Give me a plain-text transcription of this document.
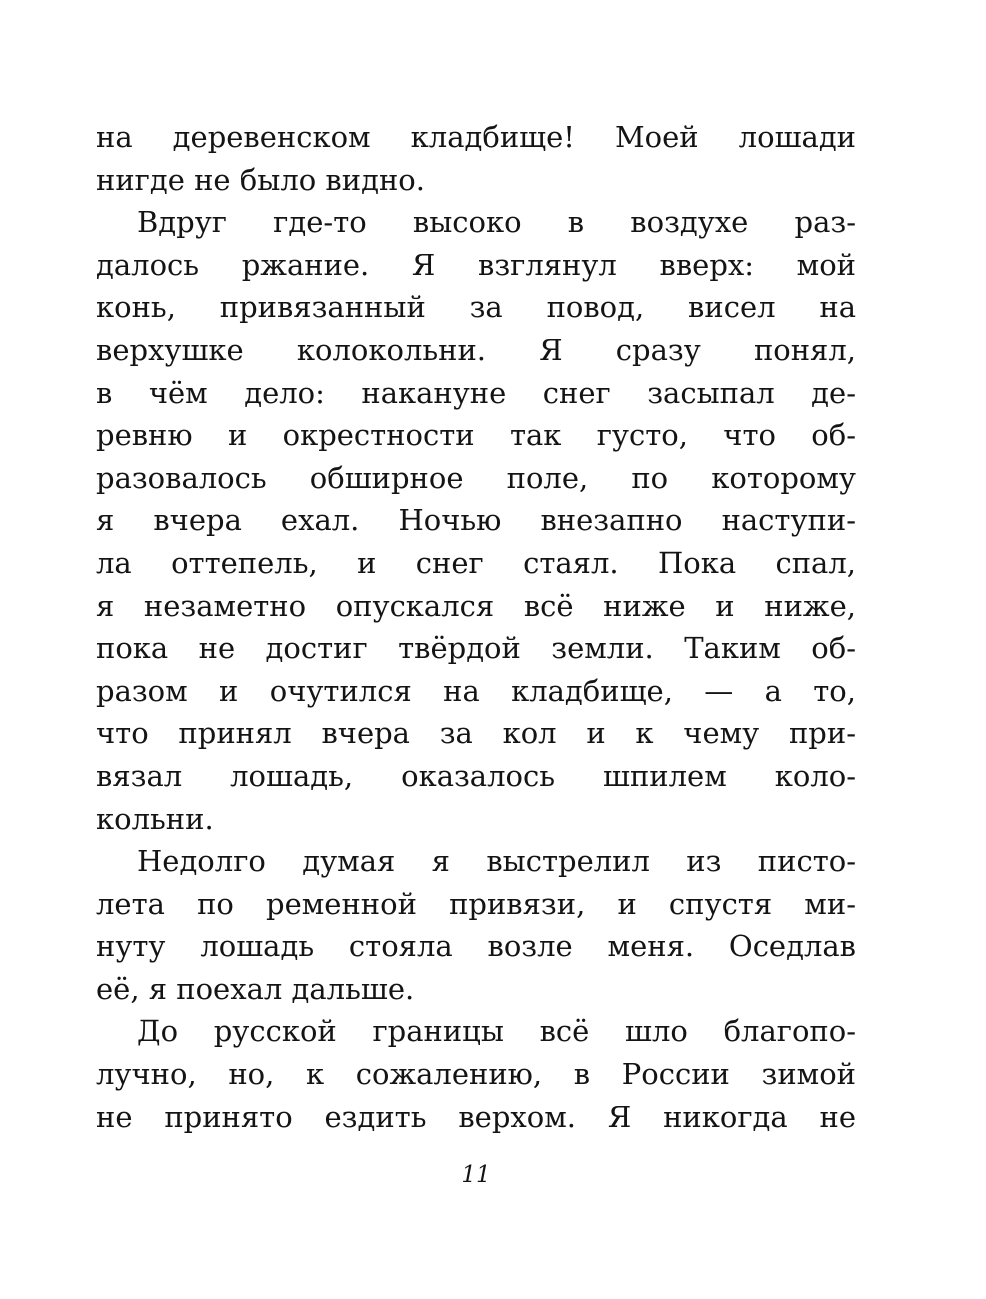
на деревенском кладбище! Моей лошади
нигде не было видно.
Вдруг где-то высоко в воздухе раз-
далось ржание. Я взглянул вверх: мой
конь, привязанный за повод, висел на
верхушке колокольни. Я сразу понял,
в чём дело: накануне снег засыпал де-
ревню и окрестности так густо, что об-
разовалось обширное поле, по которому
я вчера ехал. Ночью внезапно наступи-
ла оттепель, и снег стаял. Пока спал,
я незаметно опускался всё ниже и ниже,
пока не достиг твёрдой земли. Таким об-
разом и очутился на кладбище, — а то,
что принял вчера за кол и к чему при-
вязал лошадь, оказалось шпилем коло-
кольни.
Недолго думая я выстрелил из писто-
лета по ременной привязи, и спустя ми-
нуту лошадь стояла возле меня. Оседлав
её, я поехал дальше.
До русской границы всё шло благопо-
лучно, но, к сожалению, в России зимой
не принято ездить верхом. Я никогда не
11
